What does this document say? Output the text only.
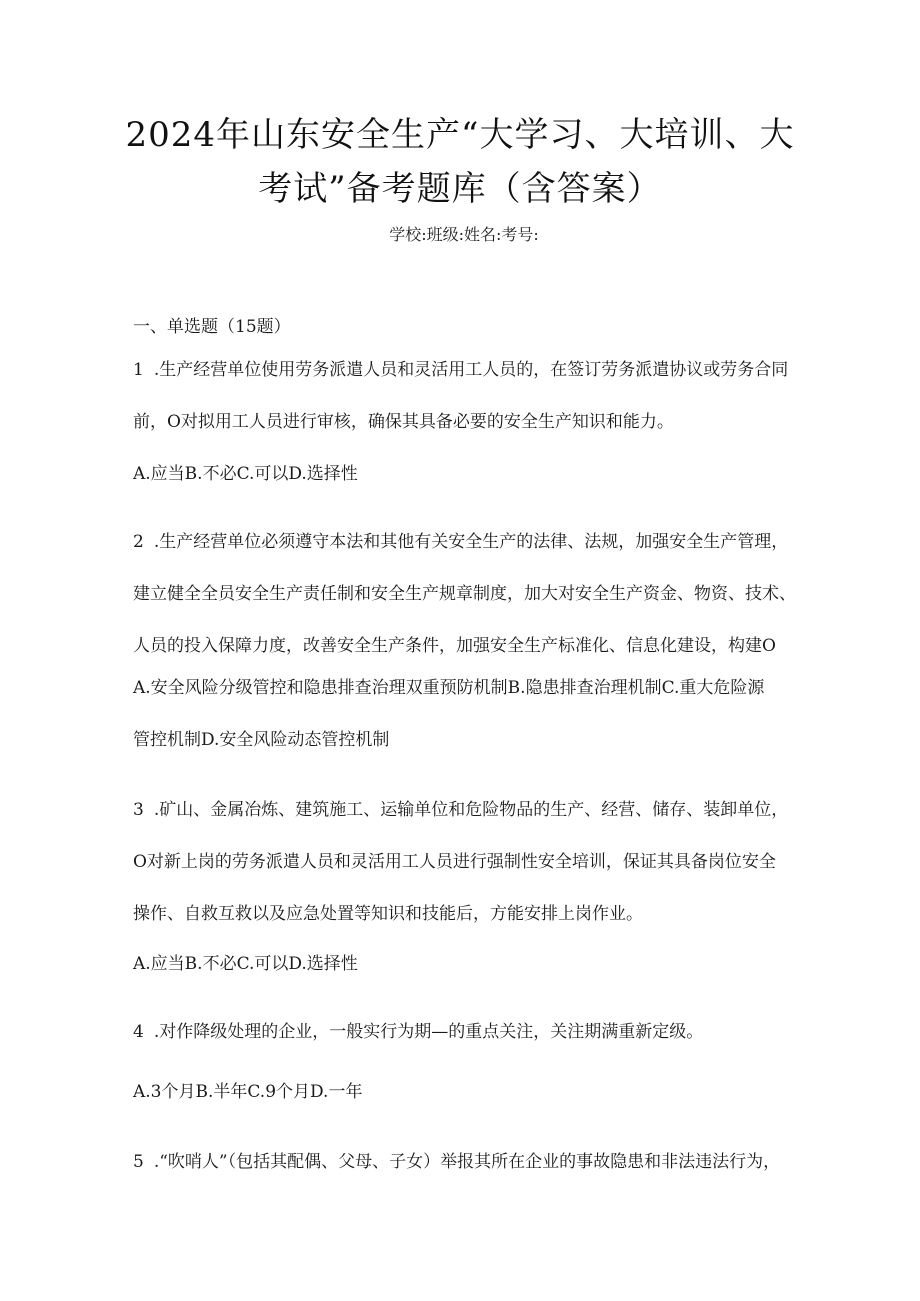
2024年山东安全生产“大学习、大培训、大
考试”备考题库（含答案）
学校:班级:姓名:考号:
一、单选题（15题）
1 .生产经营单位使用劳务派遣人员和灵活用工人员的，在签订劳务派遣协议或劳务合同
前，O对拟用工人员进行审核，确保其具备必要的安全生产知识和能力。
A.应当B.不必C.可以D.选择性
2 .生产经营单位必须遵守本法和其他有关安全生产的法律、法规，加强安全生产管理，
建立健全全员安全生产责任制和安全生产规章制度，加大对安全生产资金、物资、技术、
人员的投入保障力度，改善安全生产条件，加强安全生产标准化、信息化建设，构建O
A.安全风险分级管控和隐患排查治理双重预防机制B.隐患排查治理机制C.重大危险源
管控机制D.安全风险动态管控机制
3 .矿山、金属冶炼、建筑施工、运输单位和危险物品的生产、经营、储存、装卸单位，
O对新上岗的劳务派遣人员和灵活用工人员进行强制性安全培训，保证其具备岗位安全
操作、自救互救以及应急处置等知识和技能后，方能安排上岗作业。
A.应当B.不必C.可以D.选择性
4 .对作降级处理的企业，一般实行为期—的重点关注，关注期满重新定级。
A.3个月B.半年C.9个月D.一年
5 .“吹哨人”（包括其配偶、父母、子女）举报其所在企业的事故隐患和非法违法行为，
